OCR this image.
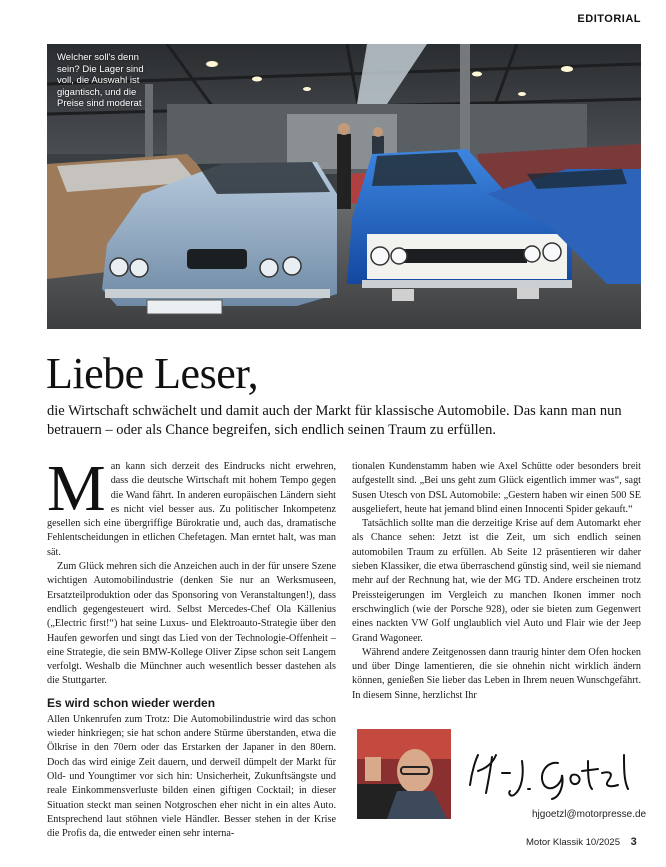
EDITORIAL
Welcher soll's denn sein? Die Lager sind voll, die Auswahl ist gigantisch, und die Preise sind moderat
Liebe Leser,

die Wirtschaft schwächelt und damit auch der Markt für klassische Automobile. Das kann man nun betrauern – oder als Chance begreifen, sich endlich seinen Traum zu erfüllen.

Man kann sich derzeit des Eindrucks nicht erwehren, dass die deutsche Wirtschaft mit hohem Tempo gegen die Wand fährt. In anderen europäischen Ländern sieht es nicht viel besser aus. Zu politischer Inkompetenz gesellen sich eine übergriffige Bürokratie und, auch das, dramatische Fehlentscheidungen in etlichen Chefetagen. Man erntet halt, was man sät.

Zum Glück mehren sich die Anzeichen auch in der für unsere Szene wichtigen Automobilindustrie (denken Sie nur an Werksmuseen, Ersatzteilproduktion oder das Sponsoring von Veranstaltungen!), dass endlich gegengesteuert wird. Selbst Mercedes-Chef Ola Källenius („Electric first!“) hat seine Luxus- und Elektroauto-Strategie über den Haufen geworfen und singt das Lied von der Technologie-Offenheit – eine Strategie, die sein BMW-Kollege Oliver Zipse schon seit Langem verfolgt. Weshalb die Münchner auch wesentlich besser dastehen als die Stuttgarter.

Es wird schon wieder werden

Allen Unkenrufen zum Trotz: Die Automobilindustrie wird das schon wieder hinkriegen; sie hat schon andere Stürme überstanden, etwa die Ölkrise in den 70ern oder das Erstarken der Japaner in den 80ern. Doch das wird einige Zeit dauern, und derweil dümpelt der Markt für Old- und Youngtimer vor sich hin: Unsicherheit, Zukunftsängste und reale Einkommensverluste bilden einen giftigen Cocktail; in dieser Situation steckt man seinen Notgroschen eher nicht in ein altes Auto. Entsprechend laut stöhnen viele Händler. Besser stehen in der Krise die Profis da, die entweder einen sehr interna-

tionalen Kundenstamm haben wie Axel Schütte oder besonders breit aufgestellt sind. „Bei uns geht zum Glück eigentlich immer was“, sagt Susen Utesch von DSL Automobile: „Gestern haben wir einen 500 SE ausgeliefert, heute hat jemand blind einen Innocenti Spider gekauft.“

Tatsächlich sollte man die derzeitige Krise auf dem Automarkt eher als Chance sehen: Jetzt ist die Zeit, um sich endlich seinen automobilen Traum zu erfüllen. Ab Seite 12 präsentieren wir daher sieben Klassiker, die etwa überraschend günstig sind, weil sie niemand mehr auf der Rechnung hat, wie der MG TD. Andere erscheinen trotz Preissteigerungen im Vergleich zu manchen Ikonen immer noch erschwinglich (wie der Porsche 928), oder sie bieten zum Gegenwert eines nackten VW Golf unglaublich viel Auto und Flair wie der Jeep Grand Wagoneer.

Während andere Zeitgenossen dann traurig hinter dem Ofen hocken und über Dinge lamentieren, die sie ohnehin nicht wirklich ändern können, genießen Sie lieber das Leben in Ihrem neuen Wunschgefährt. In diesem Sinne, herzlichst Ihr

hjgoetzl@motorpresse.de
Motor Klassik 10/2025 3
